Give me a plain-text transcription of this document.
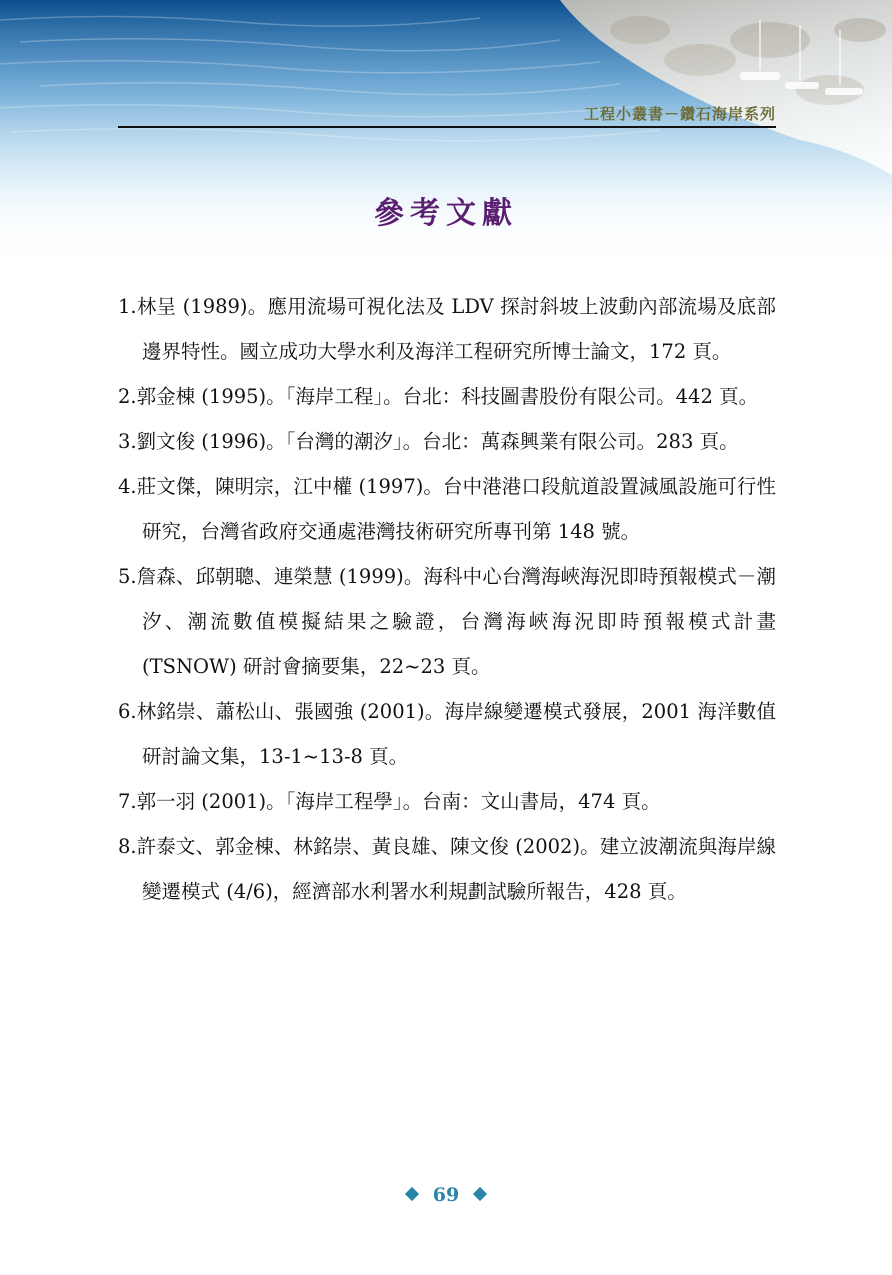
工程小叢書－鑽石海岸系列
參考文獻
1.林呈 (1989)。應用流場可視化法及 LDV 探討斜坡上波動內部流場及底部邊界特性。國立成功大學水利及海洋工程研究所博士論文，172 頁。
2.郭金棟 (1995)。「海岸工程」。台北：科技圖書股份有限公司。442 頁。
3.劉文俊 (1996)。「台灣的潮汐」。台北：萬森興業有限公司。283 頁。
4.莊文傑，陳明宗，江中權 (1997)。台中港港口段航道設置減風設施可行性研究，台灣省政府交通處港灣技術研究所專刊第 148 號。
5.詹森、邱朝聰、連榮慧 (1999)。海科中心台灣海峽海況即時預報模式－潮汐、潮流數值模擬結果之驗證，台灣海峽海況即時預報模式計畫 (TSNOW) 研討會摘要集，22~23 頁。
6.林銘崇、蕭松山、張國強 (2001)。海岸線變遷模式發展，2001 海洋數值研討論文集，13-1~13-8 頁。
7.郭一羽 (2001)。「海岸工程學」。台南：文山書局，474 頁。
8.許泰文、郭金棟、林銘崇、黃良雄、陳文俊 (2002)。建立波潮流與海岸線變遷模式 (4/6)，經濟部水利署水利規劃試驗所報告，428 頁。
69
